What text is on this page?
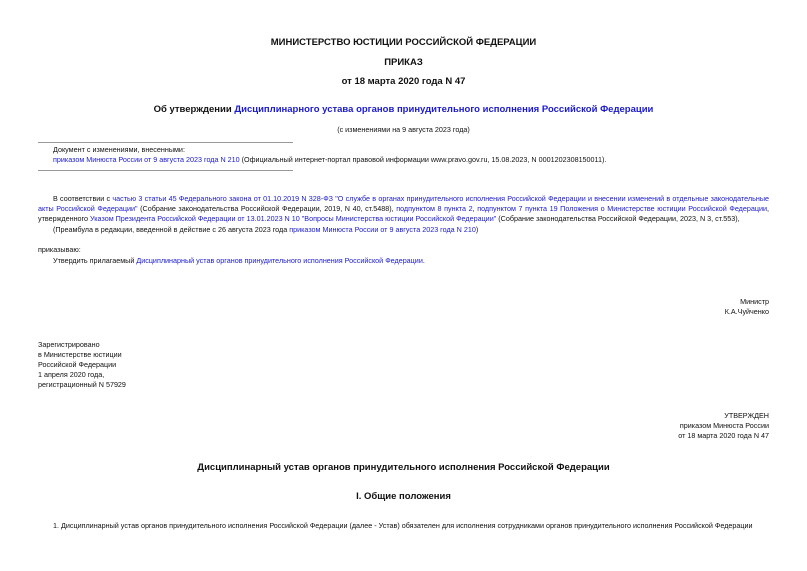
МИНИСТЕРСТВО ЮСТИЦИИ РОССИЙСКОЙ ФЕДЕРАЦИИ
ПРИКАЗ
от 18 марта 2020 года N 47
Об утверждении Дисциплинарного устава органов принудительного исполнения Российской Федерации
(с изменениями на 9 августа 2023 года)
Документ с изменениями, внесенными:
приказом Минюста России от 9 августа 2023 года N 210 (Официальный интернет-портал правовой информации www.pravo.gov.ru, 15.08.2023, N 0001202308150011).
В соответствии с частью 3 статьи 45 Федерального закона от 01.10.2019 N 328-ФЗ "О службе в органах принудительного исполнения Российской Федерации и внесении изменений в отдельные законодательные акты Российской Федерации" (Собрание законодательства Российской Федерации, 2019, N 40, ст.5488), подпунктом 8 пункта 2, подпунктом 7 пункта 19 Положения о Министерстве юстиции Российской Федерации, утвержденного Указом Президента Российской Федерации от 13.01.2023 N 10 "Вопросы Министерства юстиции Российской Федерации" (Собрание законодательства Российской Федерации, 2023, N 3, ст.553),
(Преамбула в редакции, введенной в действие с 26 августа 2023 года приказом Минюста России от 9 августа 2023 года N 210)
приказываю:
Утвердить прилагаемый Дисциплинарный устав органов принудительного исполнения Российской Федерации.
Министр
К.А.Чуйченко
Зарегистрировано
в Министерстве юстиции
Российской Федерации
1 апреля 2020 года,
регистрационный N 57929
УТВЕРЖДЕН
приказом Минюста России
от 18 марта 2020 года N 47
Дисциплинарный устав органов принудительного исполнения Российской Федерации
I. Общие положения
1. Дисциплинарный устав органов принудительного исполнения Российской Федерации (далее - Устав) обязателен для исполнения сотрудниками органов принудительного исполнения Российской Федерации
